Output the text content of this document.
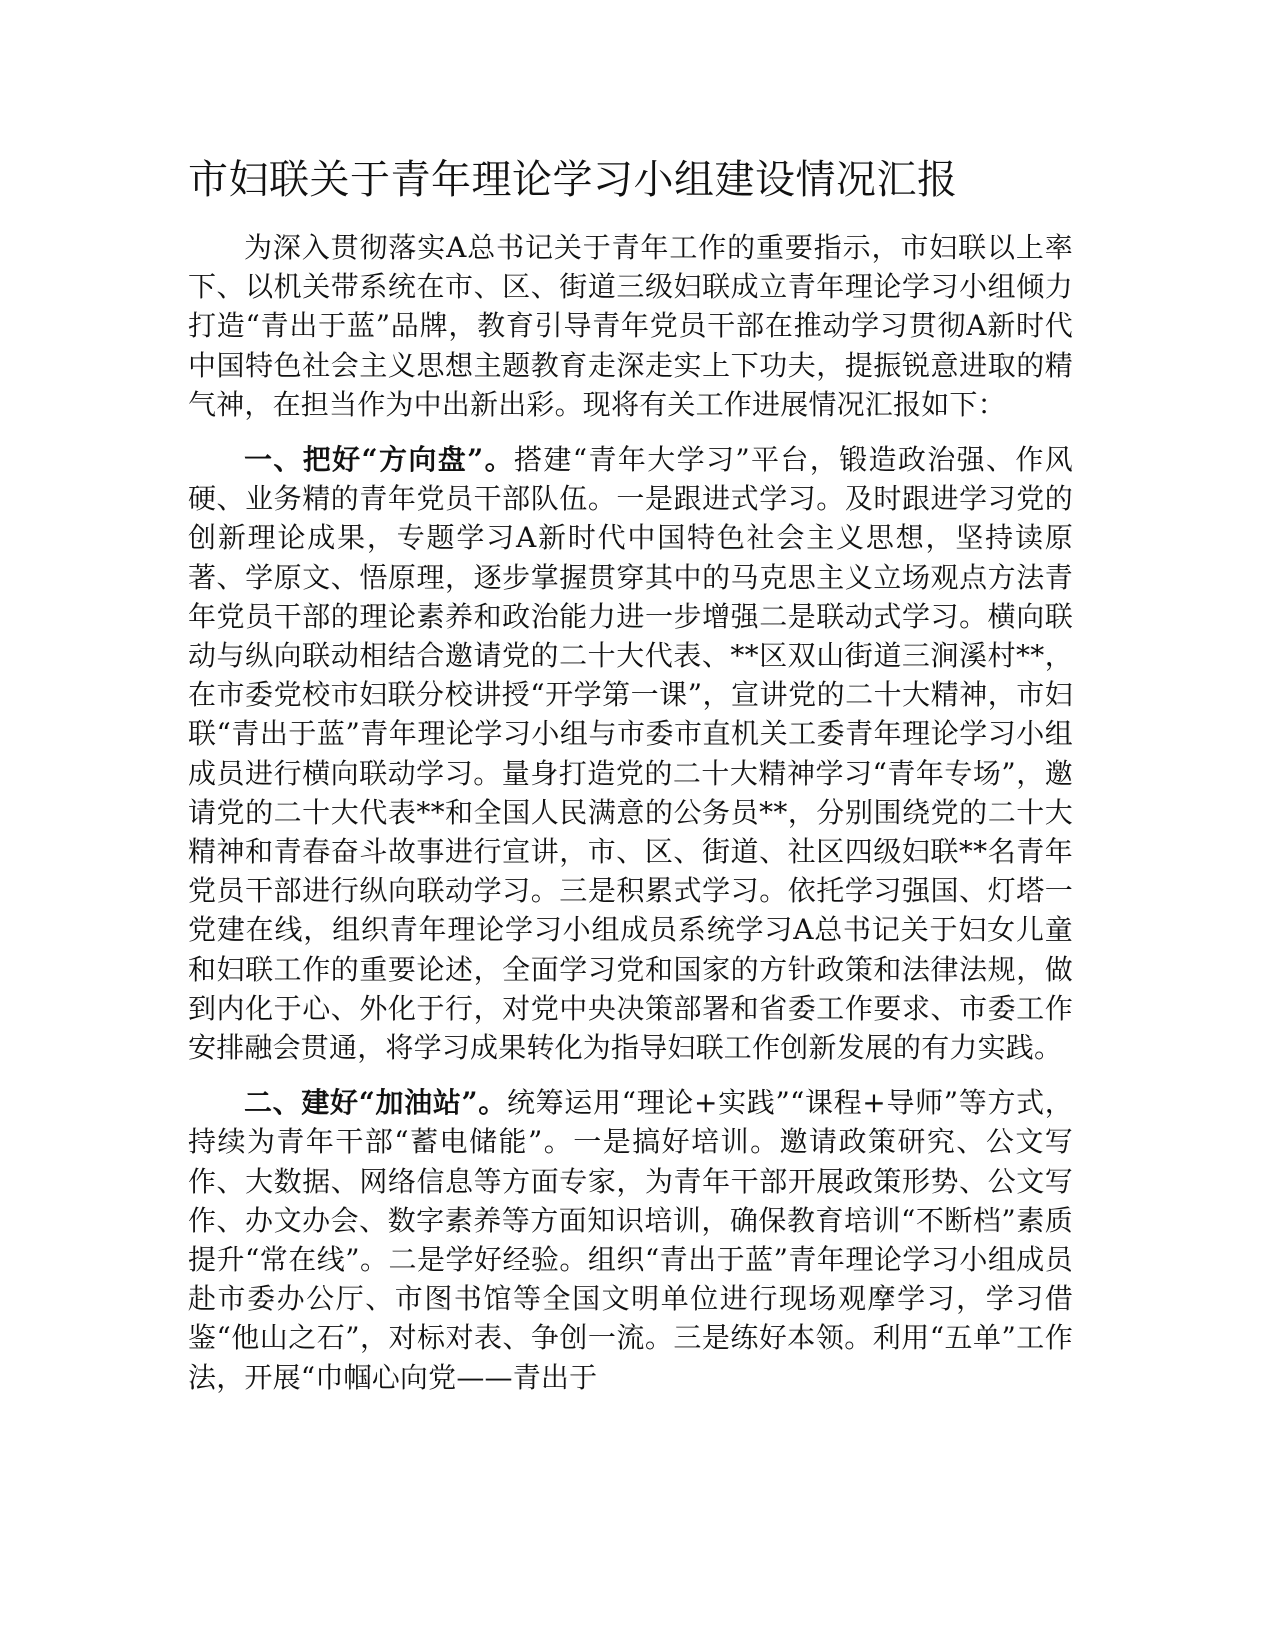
市妇联关于青年理论学习小组建设情况汇报

为深入贯彻落实A总书记关于青年工作的重要指示，市妇联以上率下、以机关带系统在市、区、街道三级妇联成立青年理论学习小组倾力打造“青出于蓝”品牌，教育引导青年党员干部在推动学习贯彻A新时代中国特色社会主义思想主题教育走深走实上下功夫，提振锐意进取的精气神，在担当作为中出新出彩。现将有关工作进展情况汇报如下：

一、把好“方向盘”。搭建“青年大学习”平台，锻造政治强、作风硬、业务精的青年党员干部队伍。一是跟进式学习。及时跟进学习党的创新理论成果，专题学习A新时代中国特色社会主义思想，坚持读原著、学原文、悟原理，逐步掌握贯穿其中的马克思主义立场观点方法青年党员干部的理论素养和政治能力进一步增强二是联动式学习。横向联动与纵向联动相结合邀请党的二十大代表、**区双山街道三涧溪村**，在市委党校市妇联分校讲授“开学第一课”，宣讲党的二十大精神，市妇联“青出于蓝”青年理论学习小组与市委市直机关工委青年理论学习小组成员进行横向联动学习。量身打造党的二十大精神学习“青年专场”，邀请党的二十大代表**和全国人民满意的公务员**，分别围绕党的二十大精神和青春奋斗故事进行宣讲，市、区、街道、社区四级妇联**名青年党员干部进行纵向联动学习。三是积累式学习。依托学习强国、灯塔一党建在线，组织青年理论学习小组成员系统学习A总书记关于妇女儿童和妇联工作的重要论述，全面学习党和国家的方针政策和法律法规，做到内化于心、外化于行，对党中央决策部署和省委工作要求、市委工作安排融会贯通，将学习成果转化为指导妇联工作创新发展的有力实践。

二、建好“加油站”。统筹运用“理论+实践”“课程+导师”等方式，持续为青年干部“蓄电储能”。一是搞好培训。邀请政策研究、公文写作、大数据、网络信息等方面专家，为青年干部开展政策形势、公文写作、办文办会、数字素养等方面知识培训，确保教育培训“不断档”素质提升“常在线”。二是学好经验。组织“青出于蓝”青年理论学习小组成员赴市委办公厅、市图书馆等全国文明单位进行现场观摩学习，学习借鉴“他山之石”，对标对表、争创一流。三是练好本领。利用“五单”工作法，开展“巾帼心向党——青出于
